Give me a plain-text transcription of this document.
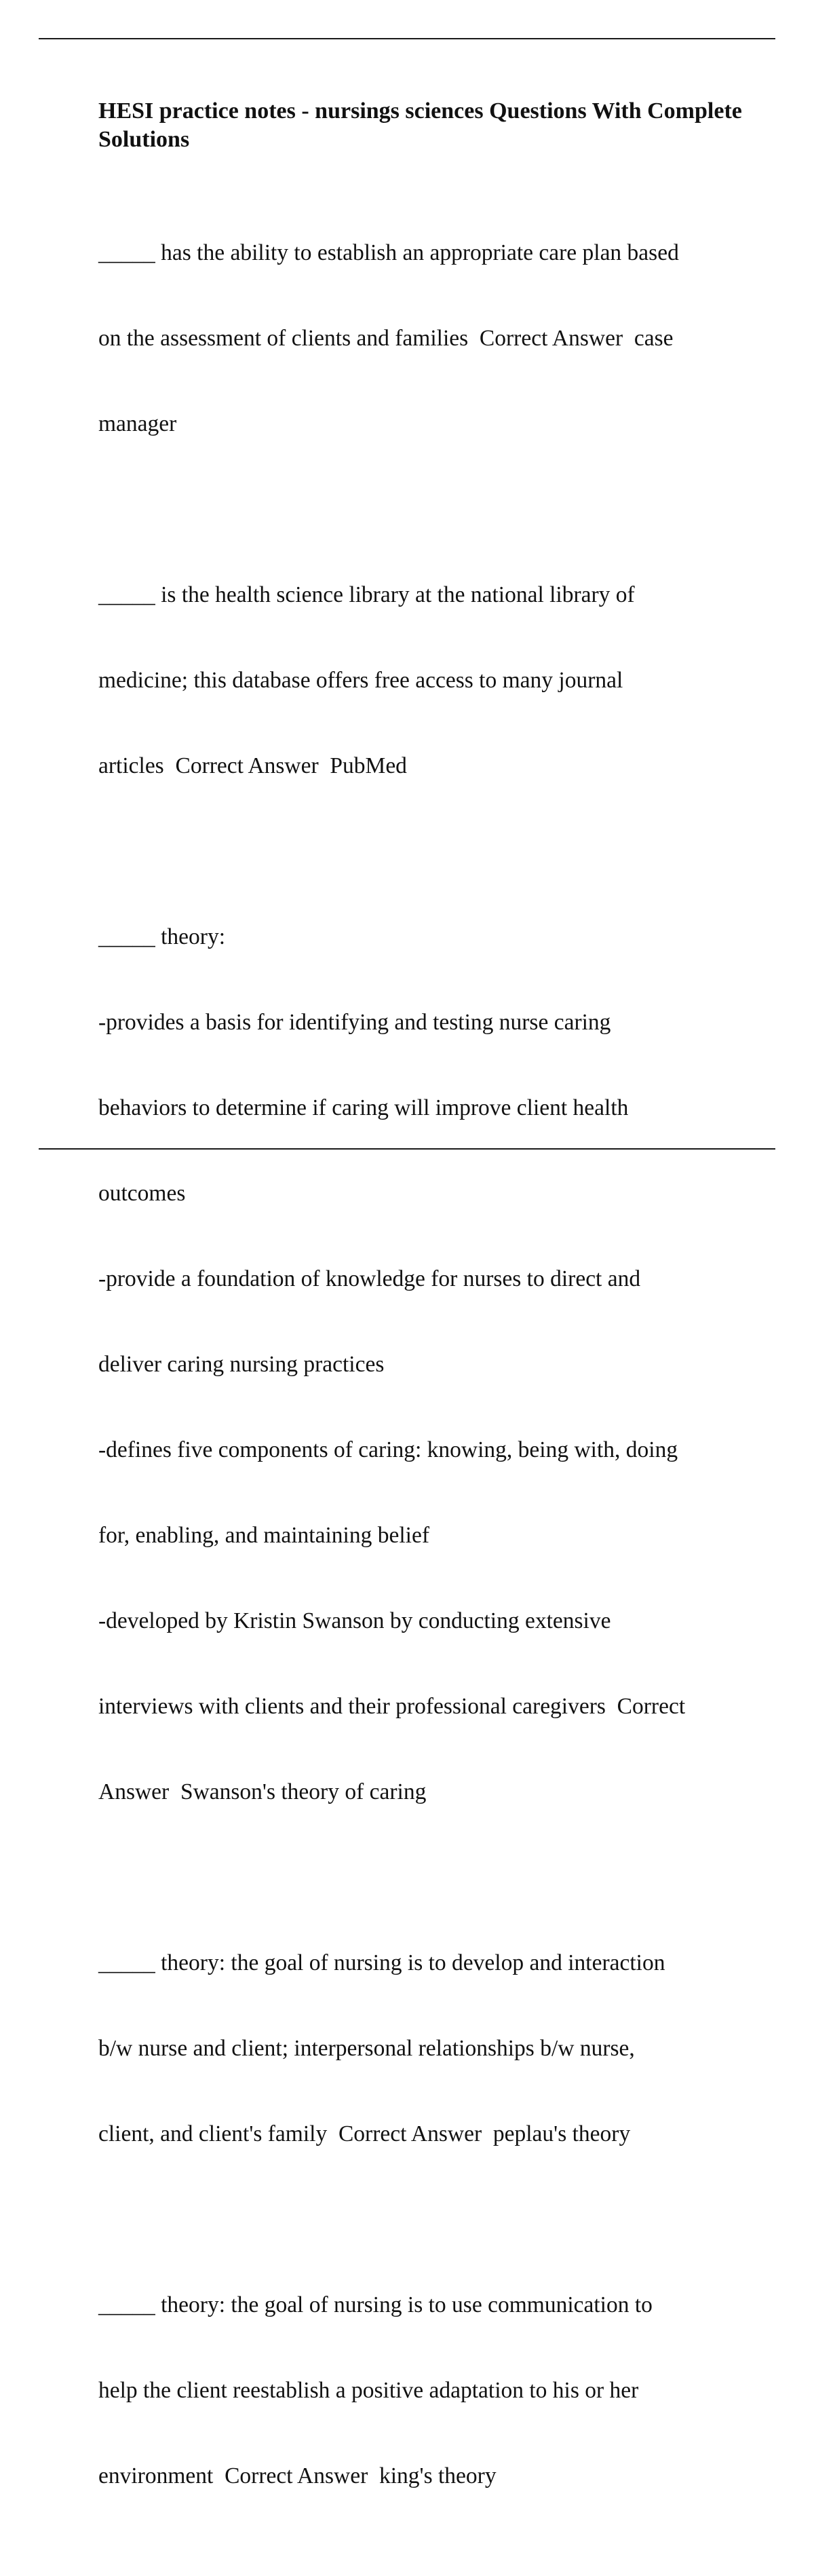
HESI practice notes - nursings sciences Questions With Complete Solutions

_____ has the ability to establish an appropriate care plan based

on the assessment of clients and families  Correct Answer  case

manager

_____ is the health science library at the national library of

medicine; this database offers free access to many journal

articles  Correct Answer  PubMed

_____ theory:

-provides a basis for identifying and testing nurse caring

behaviors to determine if caring will improve client health

outcomes

-provide a foundation of knowledge for nurses to direct and

deliver caring nursing practices

-defines five components of caring: knowing, being with, doing

for, enabling, and maintaining belief

-developed by Kristin Swanson by conducting extensive

interviews with clients and their professional caregivers  Correct

Answer  Swanson's theory of caring

_____ theory: the goal of nursing is to develop and interaction

b/w nurse and client; interpersonal relationships b/w nurse,

client, and client's family  Correct Answer  peplau's theory

_____ theory: the goal of nursing is to use communication to

help the client reestablish a positive adaptation to his or her

environment  Correct Answer  king's theory
